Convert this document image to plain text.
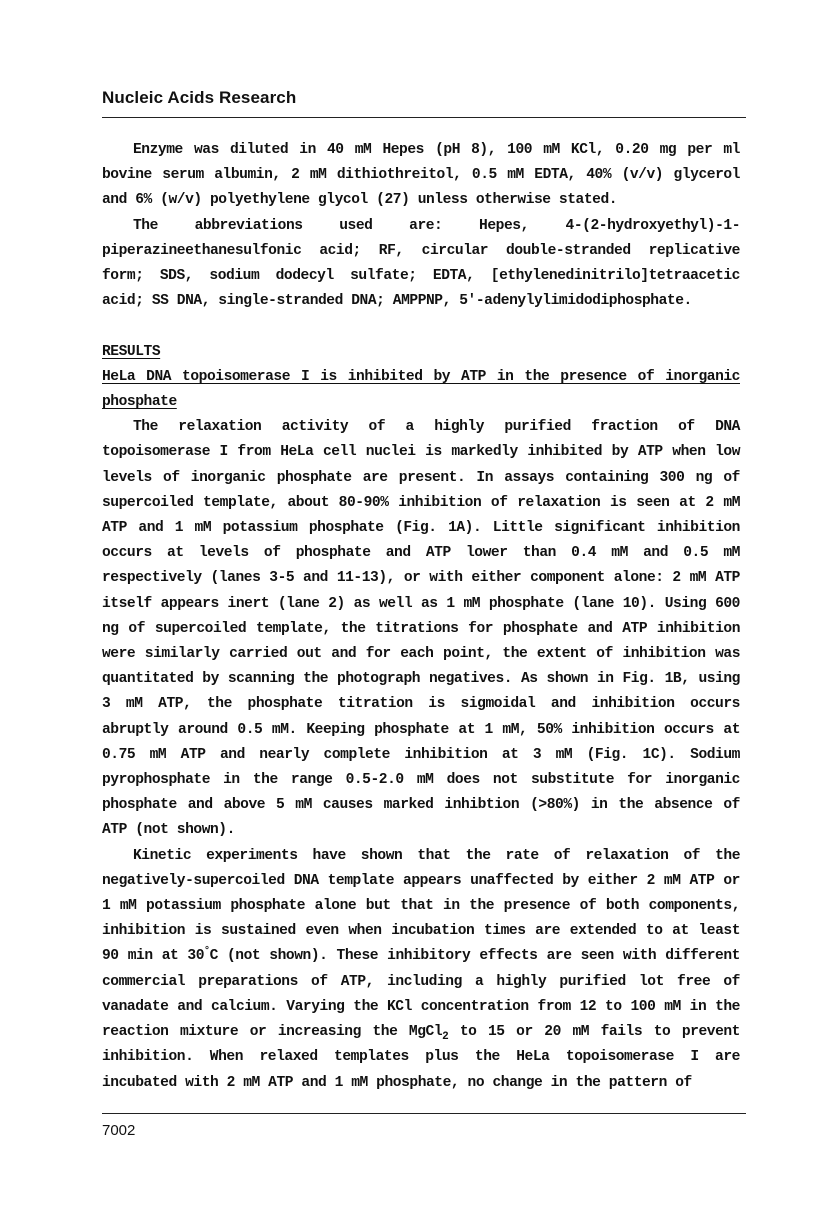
Nucleic Acids Research

Enzyme was diluted in 40 mM Hepes (pH 8), 100 mM KCl, 0.20 mg per ml bovine serum albumin, 2 mM dithiothreitol, 0.5 mM EDTA, 40% (v/v) glycerol and 6% (w/v) polyethylene glycol (27) unless otherwise stated.

The abbreviations used are: Hepes, 4-(2-hydroxyethyl)-1-piperazineethanesulfonic acid; RF, circular double-stranded replicative form; SDS, sodium dodecyl sulfate; EDTA, [ethylenedinitrilo]tetraacetic acid; SS DNA, single-stranded DNA; AMPPNP, 5'-adenylylimidodiphosphate.

RESULTS

HeLa DNA topoisomerase I is inhibited by ATP in the presence of inorganic phosphate

The relaxation activity of a highly purified fraction of DNA topoisomerase I from HeLa cell nuclei is markedly inhibited by ATP when low levels of inorganic phosphate are present. In assays containing 300 ng of supercoiled template, about 80-90% inhibition of relaxation is seen at 2 mM ATP and 1 mM potassium phosphate (Fig. 1A). Little significant inhibition occurs at levels of phosphate and ATP lower than 0.4 mM and 0.5 mM respectively (lanes 3-5 and 11-13), or with either component alone: 2 mM ATP itself appears inert (lane 2) as well as 1 mM phosphate (lane 10). Using 600 ng of supercoiled template, the titrations for phosphate and ATP inhibition were similarly carried out and for each point, the extent of inhibition was quantitated by scanning the photograph negatives. As shown in Fig. 1B, using 3 mM ATP, the phosphate titration is sigmoidal and inhibition occurs abruptly around 0.5 mM. Keeping phosphate at 1 mM, 50% inhibition occurs at 0.75 mM ATP and nearly complete inhibition at 3 mM (Fig. 1C). Sodium pyrophosphate in the range 0.5-2.0 mM does not substitute for inorganic phosphate and above 5 mM causes marked inhibtion (>80%) in the absence of ATP (not shown).

Kinetic experiments have shown that the rate of relaxation of the negatively-supercoiled DNA template appears unaffected by either 2 mM ATP or 1 mM potassium phosphate alone but that in the presence of both components, inhibition is sustained even when incubation times are extended to at least 90 min at 30°C (not shown). These inhibitory effects are seen with different commercial preparations of ATP, including a highly purified lot free of vanadate and calcium. Varying the KCl concentration from 12 to 100 mM in the reaction mixture or increasing the MgCl$_2$ to 15 or 20 mM fails to prevent inhibition. When relaxed templates plus the HeLa topoisomerase I are incubated with 2 mM ATP and 1 mM phosphate, no change in the pattern of

7002
